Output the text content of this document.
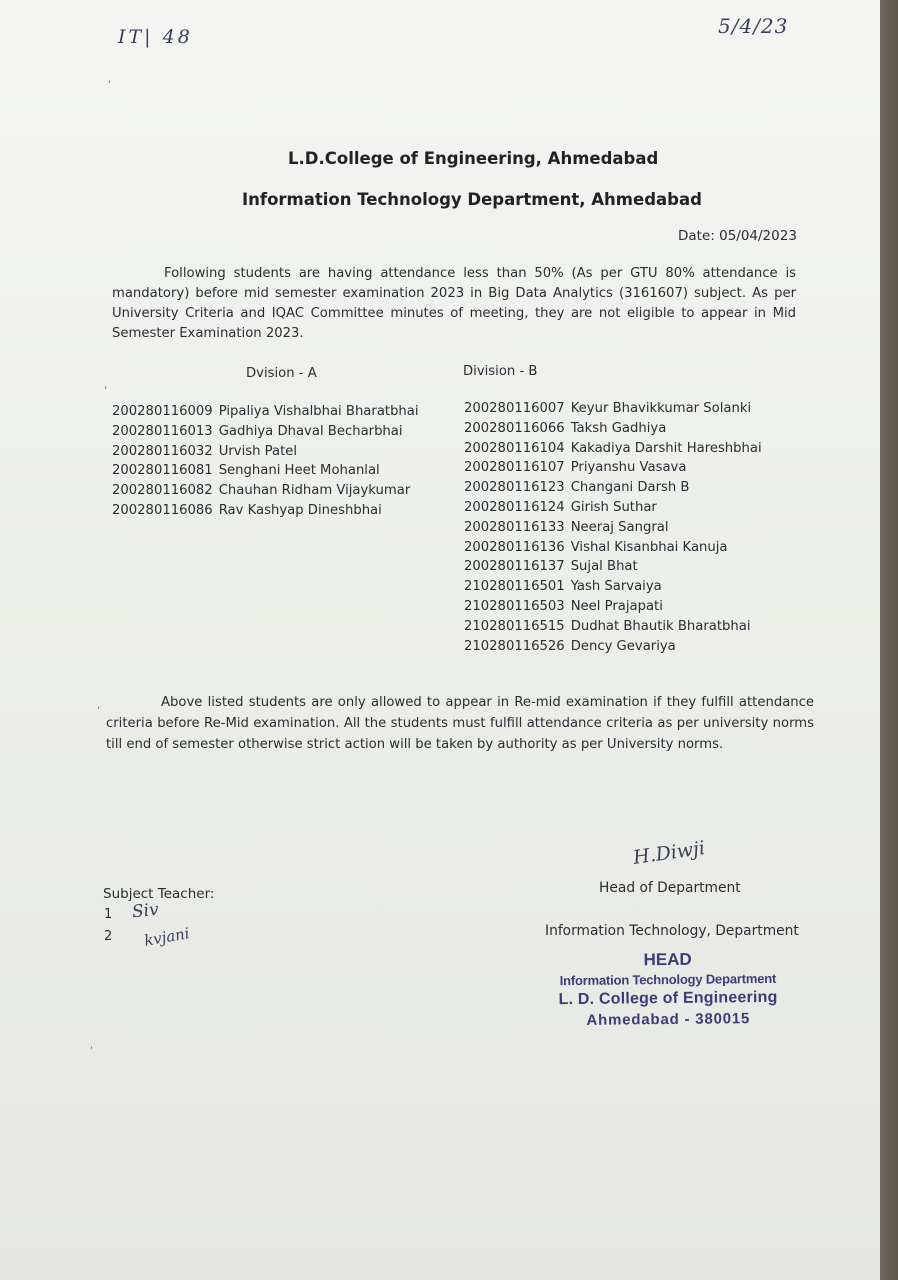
IT| 48	5/4/23
L.D.College of Engineering, Ahmedabad
Information Technology Department, Ahmedabad
Date: 05/04/2023
Following students are having attendance less than 50% (As per GTU 80% attendance is mandatory) before mid semester examination 2023 in Big Data Analytics (3161607) subject. As per University Criteria and IQAC Committee minutes of meeting, they are not eligible to appear in Mid Semester Examination 2023.
Dvision - A	Division - B
200280116009 Pipaliya Vishalbhai Bharatbhai
200280116013 Gadhiya Dhaval Becharbhai
200280116032 Urvish Patel
200280116081 Senghani Heet Mohanlal
200280116082 Chauhan Ridham Vijaykumar
200280116086 Rav Kashyap Dineshbhai
200280116007 Keyur Bhavikkumar Solanki
200280116066 Taksh Gadhiya
200280116104 Kakadiya Darshit Hareshbhai
200280116107 Priyanshu Vasava
200280116123 Changani Darsh B
200280116124 Girish Suthar
200280116133 Neeraj Sangral
200280116136 Vishal Kisanbhai Kanuja
200280116137 Sujal Bhat
210280116501 Yash Sarvaiya
210280116503 Neel Prajapati
210280116515 Dudhat Bhautik Bharatbhai
210280116526 Dency Gevariya
Above listed students are only allowed to appear in Re-mid examination if they fulfill attendance criteria before Re-Mid examination. All the students must fulfill attendance criteria as per university norms till end of semester otherwise strict action will be taken by authority as per University norms.
Subject Teacher:
1
2
Siv
kvjani
H.Diwji
Head of Department
Information Technology, Department
HEAD
Information Technology Department
L. D. College of Engineering
Ahmedabad - 380015
,
,
,
,
